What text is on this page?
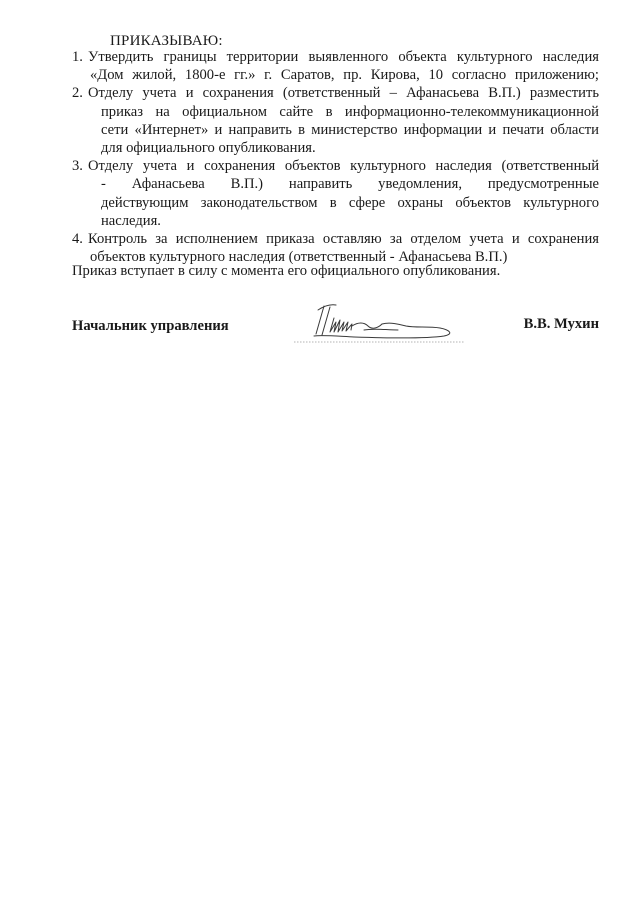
ПРИКАЗЫВАЮ:
1. Утвердить границы территории выявленного объекта культурного наследия
«Дом жилой, 1800-е гг.» г. Саратов, пр. Кирова, 10 согласно приложению;
2. Отделу учета и сохранения (ответственный – Афанасьева В.П.) разместить
приказ на официальном сайте в информационно-телекоммуникационной
сети «Интернет» и направить в министерство информации и печати области
для официального опубликования.
3. Отделу учета и сохранения объектов культурного наследия (ответственный
- Афанасьева В.П.) направить уведомления, предусмотренные
действующим законодательством в сфере охраны объектов культурного
наследия.
4. Контроль за исполнением приказа оставляю за отделом учета и сохранения
объектов культурного наследия (ответственный - Афанасьева В.П.)
Приказ вступает в силу с момента его официального опубликования.
Начальник управления	В.В. Мухин
